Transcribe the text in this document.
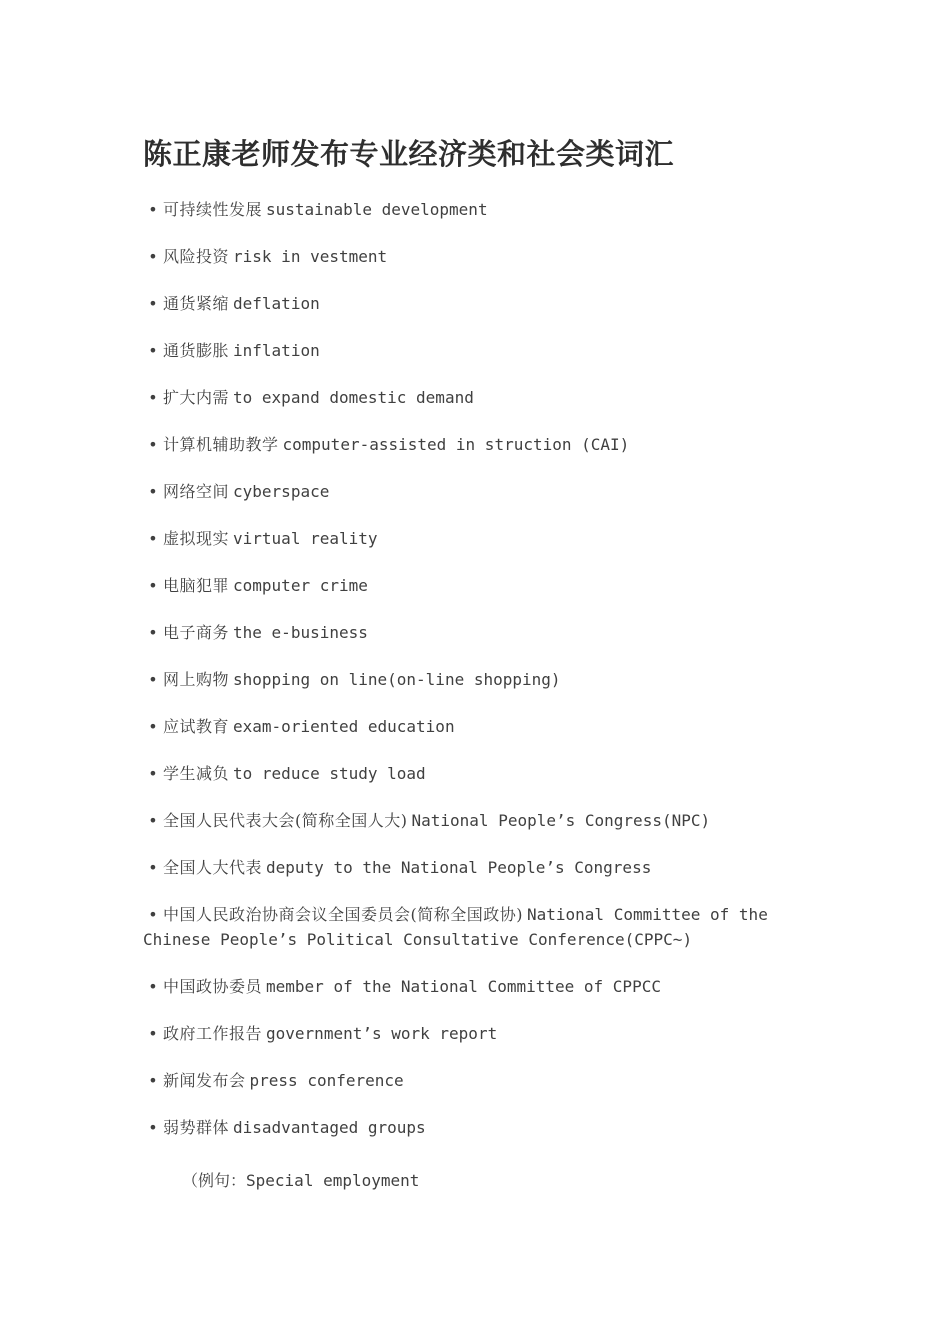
陈正康老师发布专业经济类和社会类词汇
• 可持续性发展 sustainable development
• 风险投资 risk in vestment
• 通货紧缩 deflation
• 通货膨胀 inflation
• 扩大内需 to expand domestic demand
• 计算机辅助教学 computer-assisted in struction (CAI)
• 网络空间 cyberspace
• 虚拟现实 virtual reality
• 电脑犯罪 computer crime
• 电子商务 the e-business
• 网上购物 shopping on line(on-line shopping)
• 应试教育 exam-oriented education
• 学生减负 to reduce study load
• 全国人民代表大会(简称全国人大) National People’s Congress(NPC)
• 全国人大代表 deputy to the National People’s Congress
• 中国人民政治协商会议全国委员会(简称全国政协) National Committee of the Chinese People’s Political Consultative Conference(CPPC~)
• 中国政协委员 member of the National Committee of CPPCC
• 政府工作报告 government’s work report
• 新闻发布会 press conference
• 弱势群体 disadvantaged groups
（例句：Special employment
